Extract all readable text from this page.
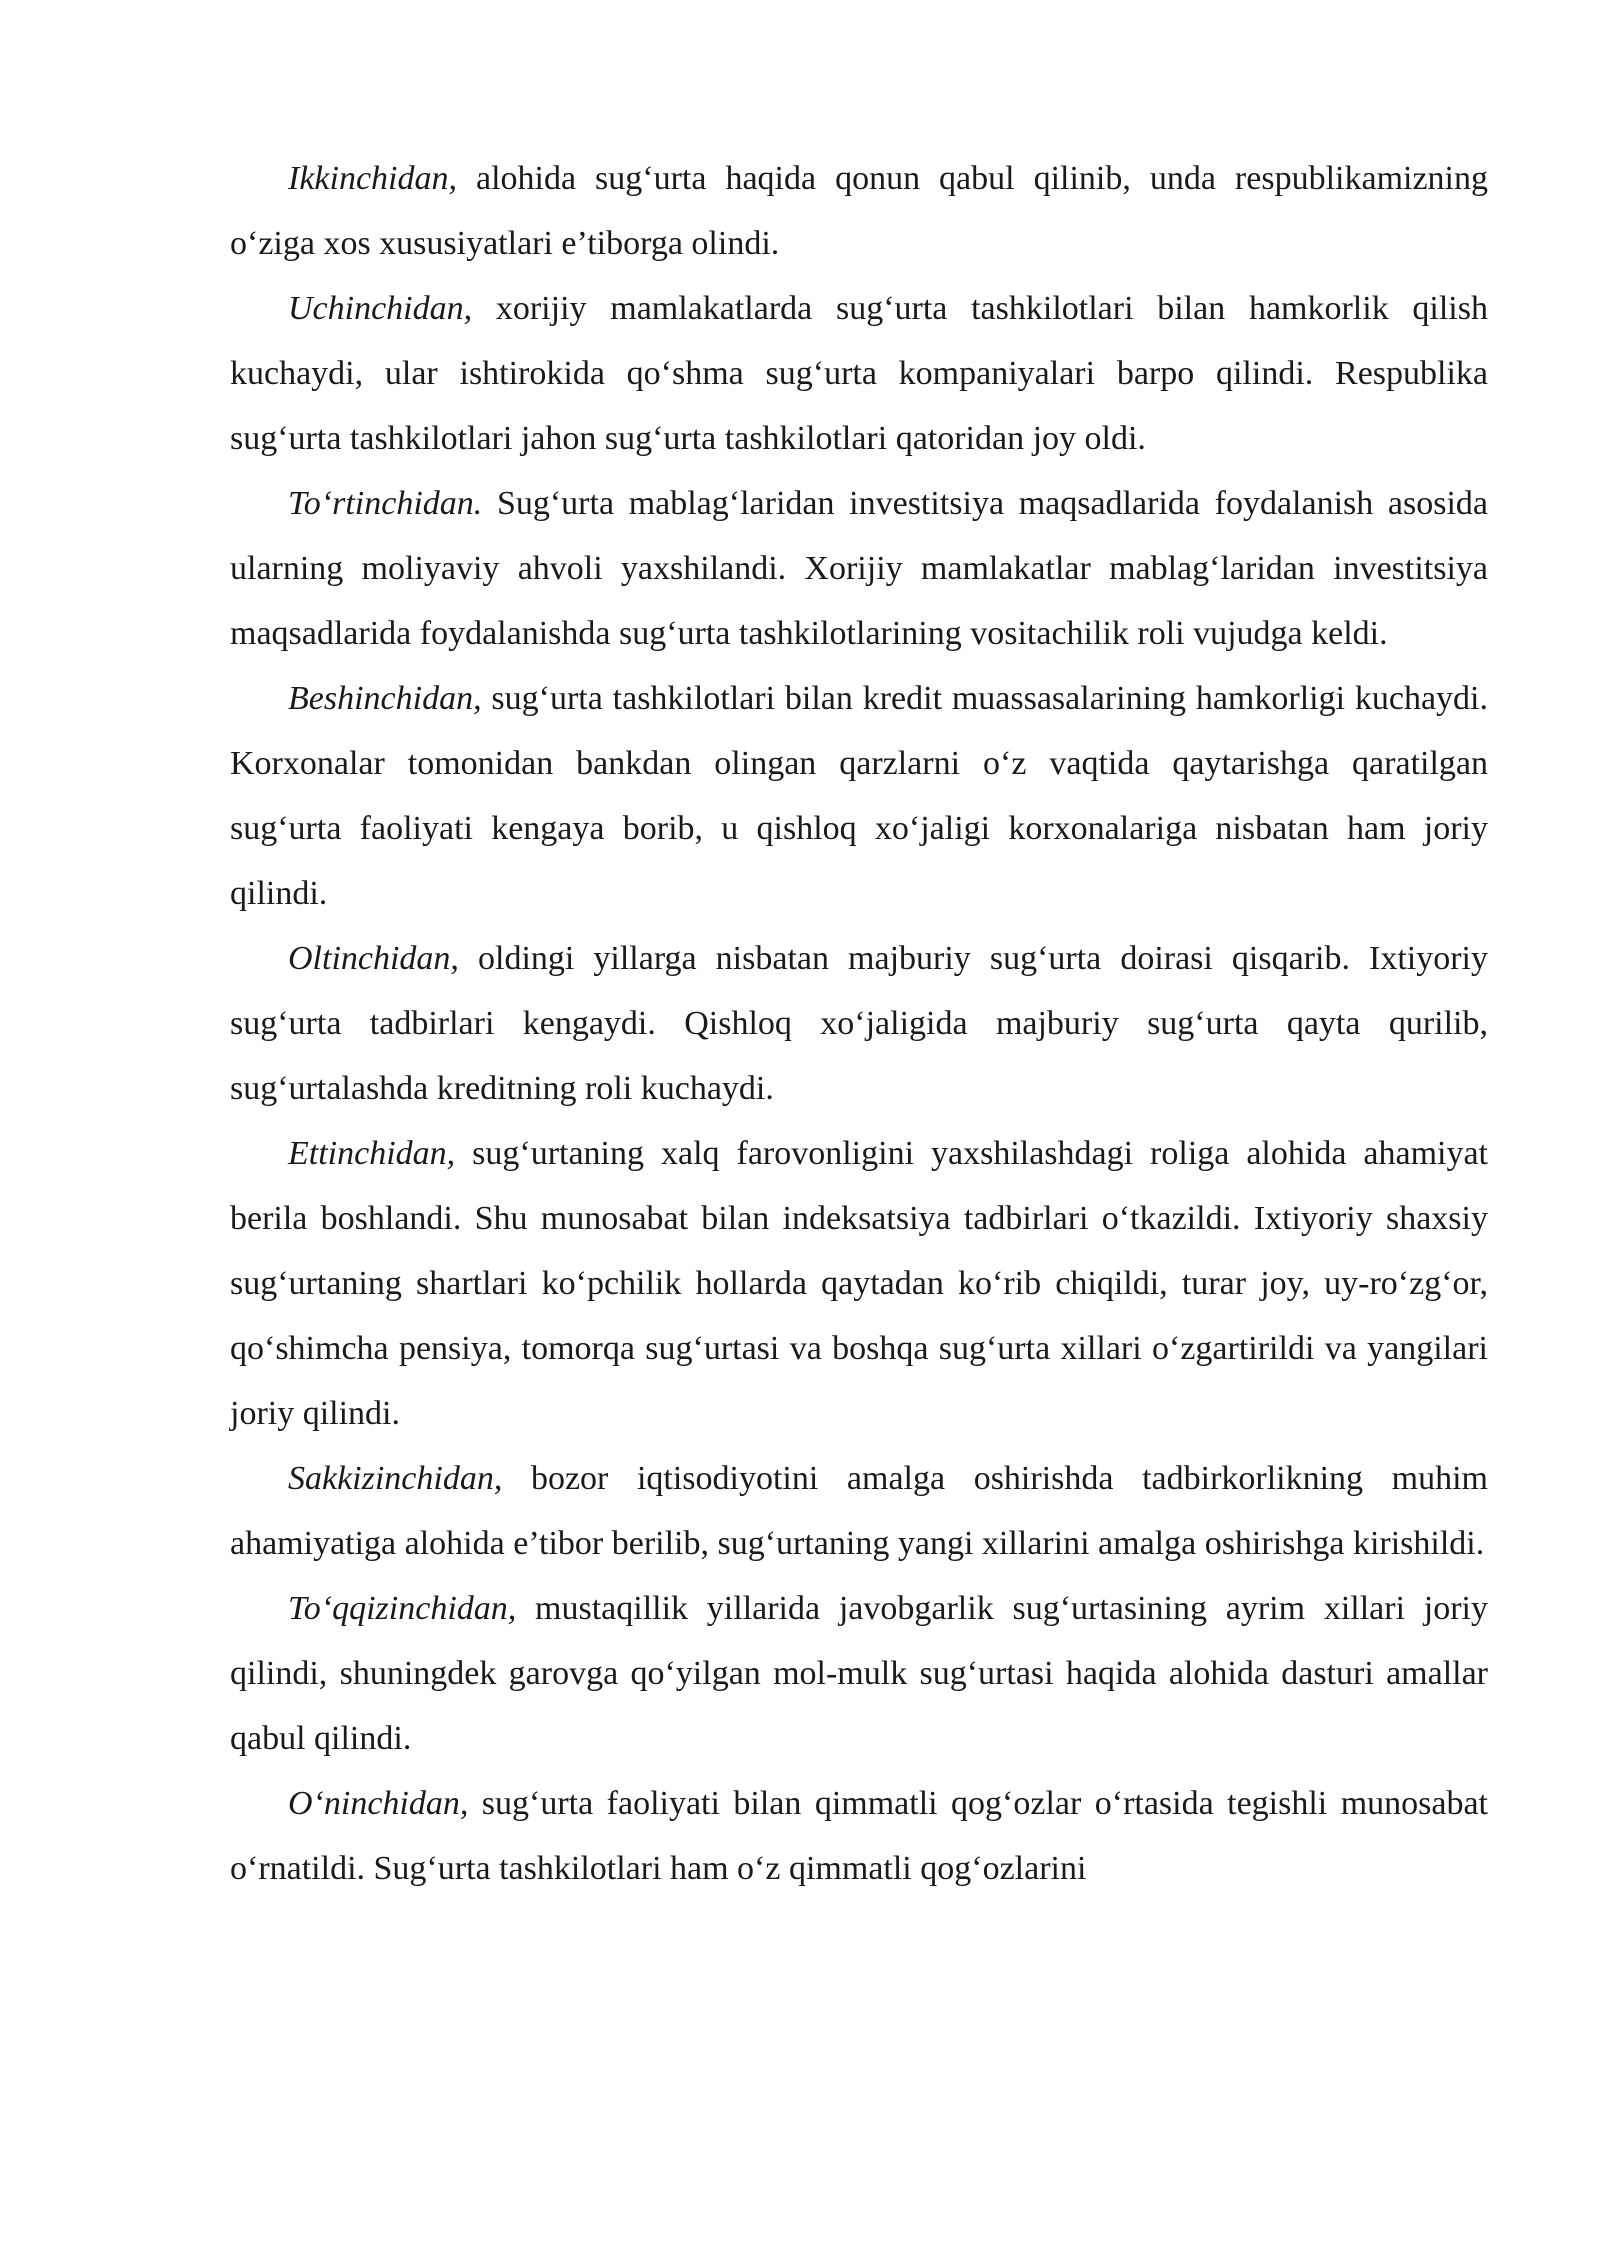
Ikkinchidan, alohida sug‘urta haqida qonun qabul qilinib, unda respublikamizning o‘ziga xos xususiyatlari e’tiborga olindi.

Uchinchidan, xorijiy mamlakatlarda sug‘urta tashkilotlari bilan hamkorlik qilish kuchaydi, ular ishtirokida qo‘shma sug‘urta kompaniyalari barpo qilindi. Respublika sug‘urta tashkilotlari jahon sug‘urta tashkilotlari qatoridan joy oldi.

To‘rtinchidan. Sug‘urta mablag‘laridan investitsiya maqsadlarida foydalanish asosida ularning moliyaviy ahvoli yaxshilandi. Xorijiy mamlakatlar mablag‘laridan investitsiya maqsadlarida foydalanishda sug‘urta tashkilotlarining vositachilik roli vujudga keldi.

Beshinchidan, sug‘urta tashkilotlari bilan kredit muassasalarining hamkorligi kuchaydi. Korxonalar tomonidan bankdan olingan qarzlarni o‘z vaqtida qaytarishga qaratilgan sug‘urta faoliyati kengaya borib, u qishloq xo‘jaligi korxonalariga nisbatan ham joriy qilindi.

Oltinchidan, oldingi yillarga nisbatan majburiy sug‘urta doirasi qisqarib. Ixtiyoriy sug‘urta tadbirlari kengaydi. Qishloq xo‘jaligida majburiy sug‘urta qayta qurilib, sug‘urtalashda kreditning roli kuchaydi.

Ettinchidan, sug‘urtaning xalq farovonligini yaxshilashdagi roliga alohida ahamiyat berila boshlandi. Shu munosabat bilan indeksatsiya tadbirlari o‘tkazildi. Ixtiyoriy shaxsiy sug‘urtaning shartlari ko‘pchilik hollarda qaytadan ko‘rib chiqildi, turar joy, uy-ro‘zg‘or, qo‘shimcha pensiya, tomorqa sug‘urtasi va boshqa sug‘urta xillari o‘zgartirildi va yangilari joriy qilindi.

Sakkizinchidan, bozor iqtisodiyotini amalga oshirishda tadbirkorlikning muhim ahamiyatiga alohida e’tibor berilib, sug‘urtaning yangi xillarini amalga oshirishga kirishildi.

To‘qqizinchidan, mustaqillik yillarida javobgarlik sug‘urtasining ayrim xillari joriy qilindi, shuningdek garovga qo‘yilgan mol-mulk sug‘urtasi haqida alohida dasturi amallar qabul qilindi.

O‘ninchidan, sug‘urta faoliyati bilan qimmatli qog‘ozlar o‘rtasida tegishli munosabat o‘rnatildi. Sug‘urta tashkilotlari ham o‘z qimmatli qog‘ozlarini
